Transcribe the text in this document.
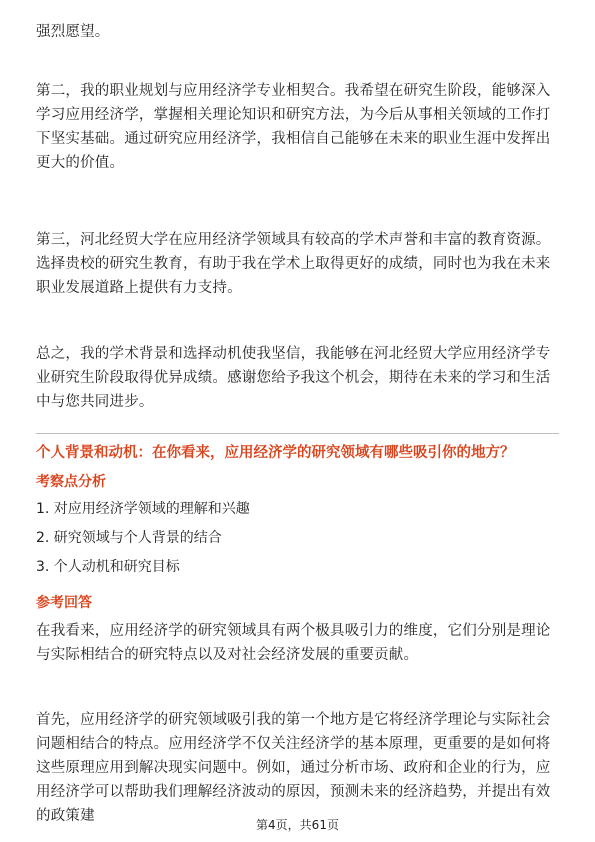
强烈愿望。

第二，我的职业规划与应用经济学专业相契合。我希望在研究生阶段，能够深入学习应用经济学，掌握相关理论知识和研究方法，为今后从事相关领域的工作打下坚实基础。通过研究应用经济学，我相信自己能够在未来的职业生涯中发挥出更大的价值。

第三，河北经贸大学在应用经济学领域具有较高的学术声誉和丰富的教育资源。选择贵校的研究生教育，有助于我在学术上取得更好的成绩，同时也为我在未来职业发展道路上提供有力支持。

总之，我的学术背景和选择动机使我坚信，我能够在河北经贸大学应用经济学专业研究生阶段取得优异成绩。感谢您给予我这个机会，期待在未来的学习和生活中与您共同进步。

个人背景和动机：在你看来，应用经济学的研究领域有哪些吸引你的地方？

考察点分析

1. 对应用经济学领域的理解和兴趣

2. 研究领域与个人背景的结合

3. 个人动机和研究目标

参考回答

在我看来，应用经济学的研究领域具有两个极具吸引力的维度，它们分别是理论与实际相结合的研究特点以及对社会经济发展的重要贡献。

首先，应用经济学的研究领域吸引我的第一个地方是它将经济学理论与实际社会问题相结合的特点。应用经济学不仅关注经济学的基本原理，更重要的是如何将这些原理应用到解决现实问题中。例如，通过分析市场、政府和企业的行为，应用经济学可以帮助我们理解经济波动的原因，预测未来的经济趋势，并提出有效的政策建

第4页，共61页
